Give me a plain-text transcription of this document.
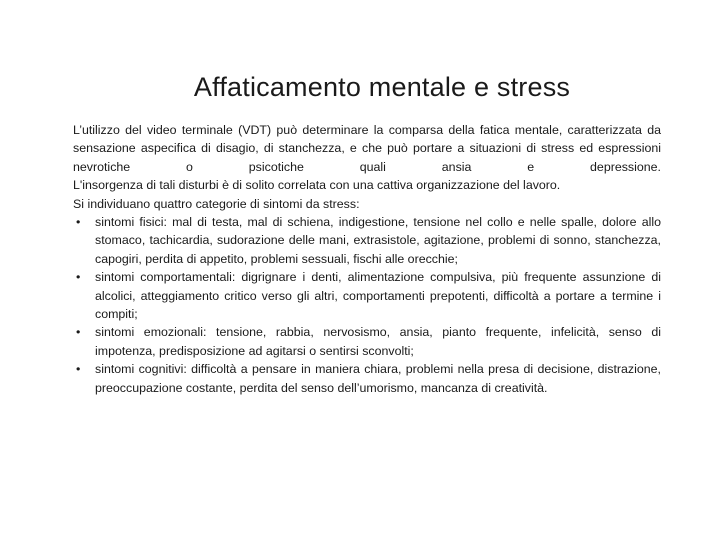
Affaticamento mentale e stress

L’utilizzo del video terminale (VDT) può determinare la comparsa della fatica mentale, caratterizzata da sensazione aspecifica di disagio, di stanchezza, e che può portare a situazioni di stress ed espressioni nevrotiche o psicotiche quali ansia e depressione.

L'insorgenza di tali disturbi è di solito correlata con una cattiva organizzazione del lavoro.

Si individuano quattro categorie di sintomi da stress:

• sintomi fisici: mal di testa, mal di schiena, indigestione, tensione nel collo e nelle spalle, dolore allo stomaco, tachicardia, sudorazione delle mani, extrasistole, agitazione, problemi di sonno, stanchezza, capogiri, perdita di appetito, problemi sessuali, fischi alle orecchie;
• sintomi comportamentali: digrignare i denti, alimentazione compulsiva, più frequente assunzione di alcolici, atteggiamento critico verso gli altri, comportamenti prepotenti, difficoltà a portare a termine i compiti;
• sintomi emozionali: tensione, rabbia, nervosismo, ansia, pianto frequente, infelicità, senso di impotenza, predisposizione ad agitarsi o sentirsi sconvolti;
• sintomi cognitivi: difficoltà a pensare in maniera chiara, problemi nella presa di decisione, distrazione, preoccupazione costante, perdita del senso dell’umorismo, mancanza di creatività.
